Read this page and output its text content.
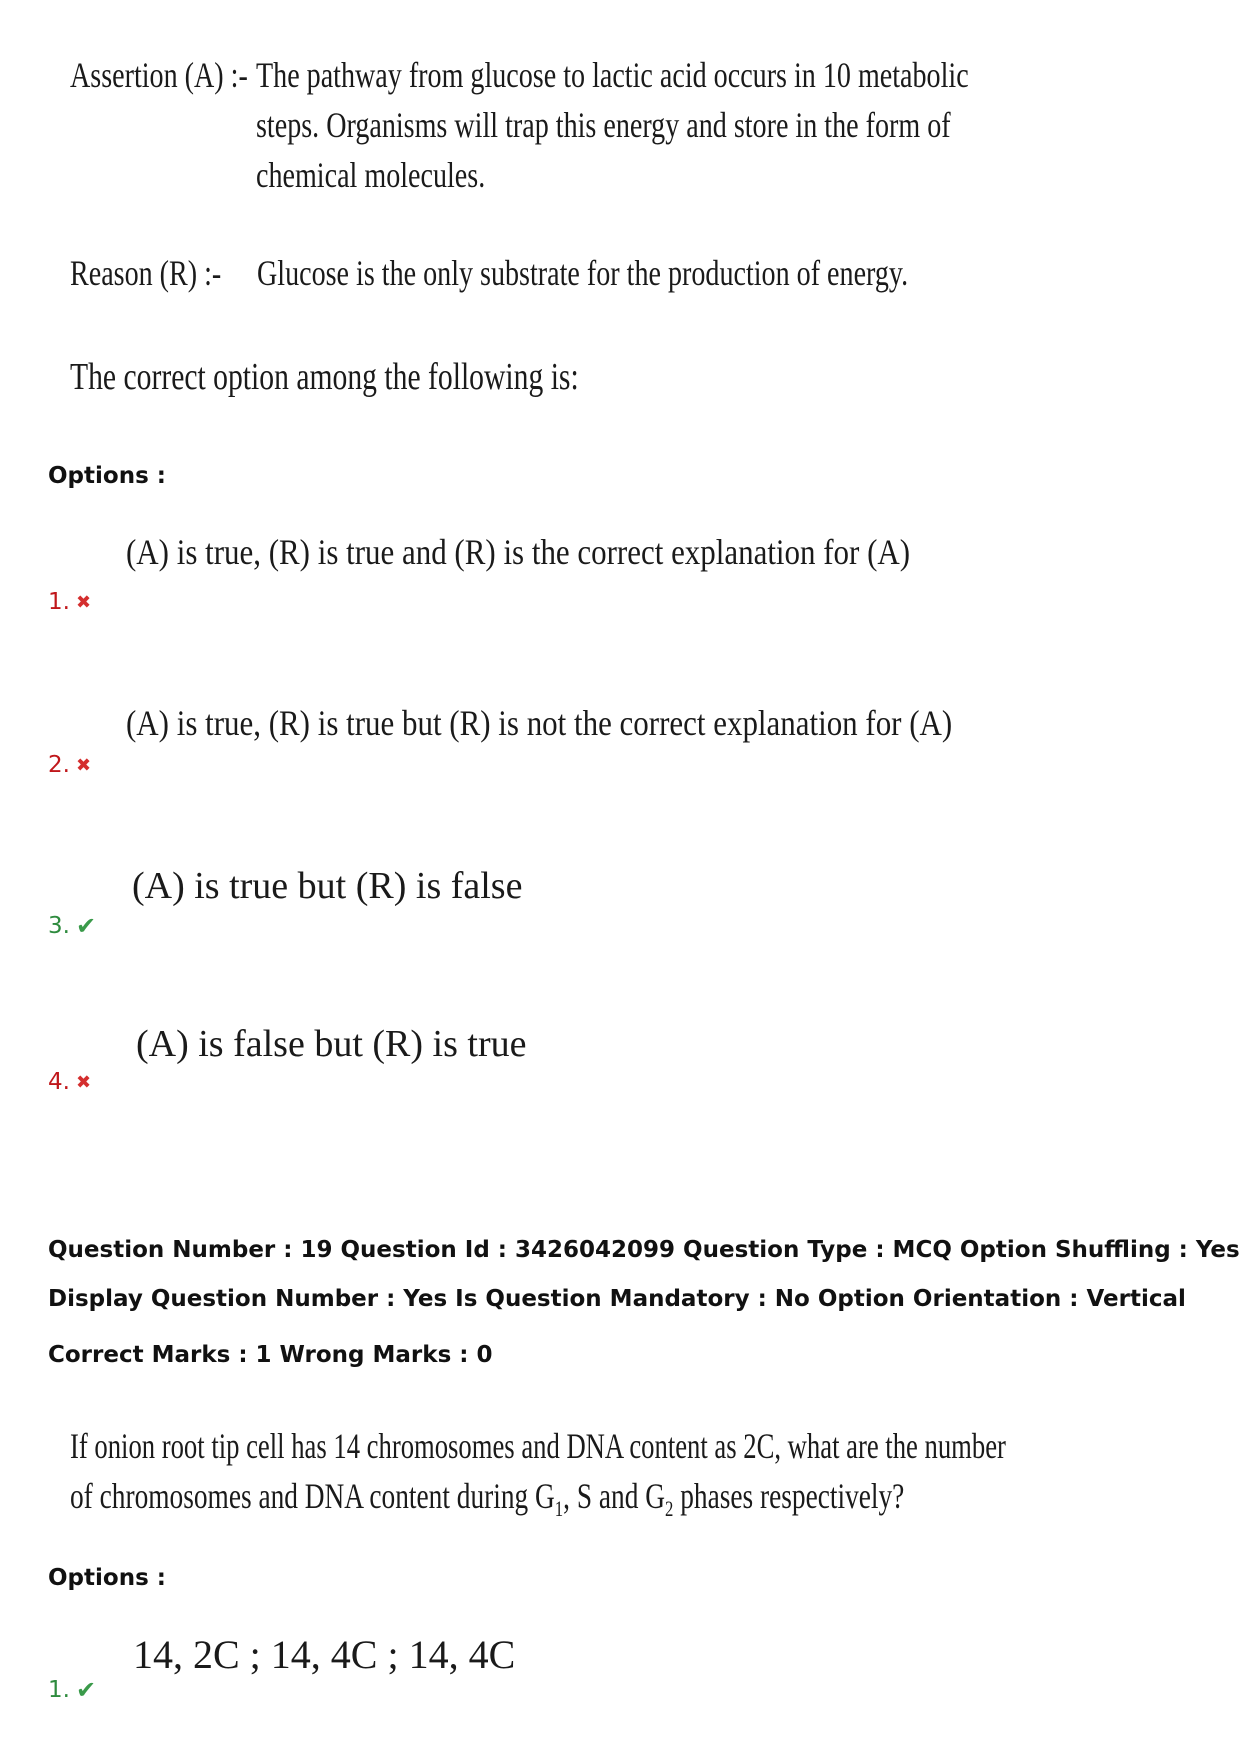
Assertion (A) :- The pathway from glucose to lactic acid occurs in 10 metabolic
steps. Organisms will trap this energy and store in the form of
chemical molecules.
Reason (R) :- Glucose is the only substrate for the production of energy.
The correct option among the following is:
Options :
(A) is true, (R) is true and (R) is the correct explanation for (A)
1. ✖
(A) is true, (R) is true but (R) is not the correct explanation for (A)
2. ✖
(A) is true but (R) is false
3. ✔
(A) is false but (R) is true
4. ✖
Question Number : 19 Question Id : 3426042099 Question Type : MCQ Option Shuffling : Yes
Display Question Number : Yes Is Question Mandatory : No Option Orientation : Vertical
Correct Marks : 1 Wrong Marks : 0
If onion root tip cell has 14 chromosomes and DNA content as 2C, what are the number
of chromosomes and DNA content during $G_1$, S and $G_2$ phases respectively?
Options :
14, 2C ; 14, 4C ; 14, 4C
1. ✔
